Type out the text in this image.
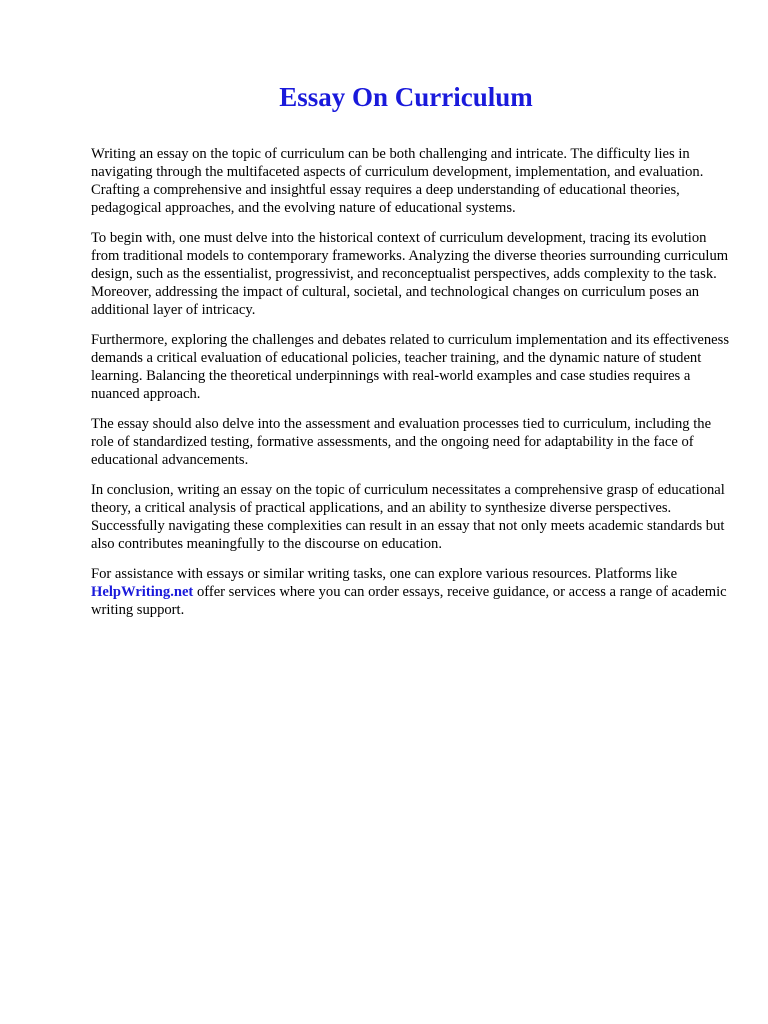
Essay On Curriculum

Writing an essay on the topic of curriculum can be both challenging and intricate. The difficulty lies in navigating through the multifaceted aspects of curriculum development, implementation, and evaluation. Crafting a comprehensive and insightful essay requires a deep understanding of educational theories, pedagogical approaches, and the evolving nature of educational systems.

To begin with, one must delve into the historical context of curriculum development, tracing its evolution from traditional models to contemporary frameworks. Analyzing the diverse theories surrounding curriculum design, such as the essentialist, progressivist, and reconceptualist perspectives, adds complexity to the task. Moreover, addressing the impact of cultural, societal, and technological changes on curriculum poses an additional layer of intricacy.

Furthermore, exploring the challenges and debates related to curriculum implementation and its effectiveness demands a critical evaluation of educational policies, teacher training, and the dynamic nature of student learning. Balancing the theoretical underpinnings with real-world examples and case studies requires a nuanced approach.

The essay should also delve into the assessment and evaluation processes tied to curriculum, including the role of standardized testing, formative assessments, and the ongoing need for adaptability in the face of educational advancements.

In conclusion, writing an essay on the topic of curriculum necessitates a comprehensive grasp of educational theory, a critical analysis of practical applications, and an ability to synthesize diverse perspectives. Successfully navigating these complexities can result in an essay that not only meets academic standards but also contributes meaningfully to the discourse on education.

For assistance with essays or similar writing tasks, one can explore various resources. Platforms like HelpWriting.net offer services where you can order essays, receive guidance, or access a range of academic writing support.
